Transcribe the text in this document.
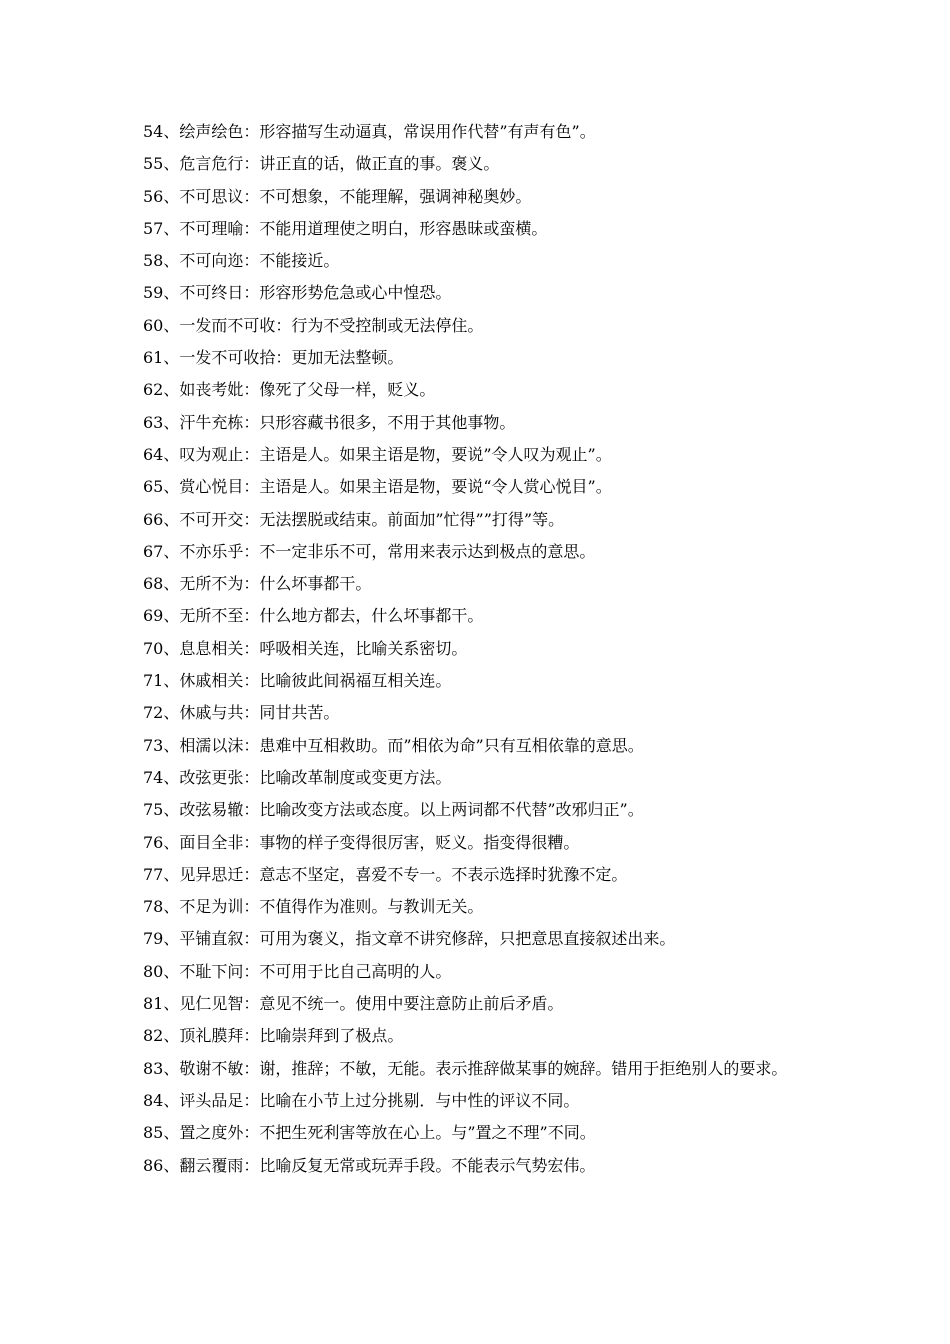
54、绘声绘色：形容描写生动逼真，常误用作代替”有声有色”。

55、危言危行：讲正直的话，做正直的事。褒义。

56、不可思议：不可想象，不能理解，强调神秘奥妙。

57、不可理喻：不能用道理使之明白，形容愚昧或蛮横。

58、不可向迩：不能接近。

59、不可终日：形容形势危急或心中惶恐。

60、一发而不可收：行为不受控制或无法停住。

61、一发不可收拾：更加无法整顿。

62、如丧考妣：像死了父母一样，贬义。

63、汗牛充栋：只形容藏书很多，不用于其他事物。

64、叹为观止：主语是人。如果主语是物，要说”令人叹为观止”。

65、赏心悦目：主语是人。如果主语是物，要说“令人赏心悦目”。

66、不可开交：无法摆脱或结束。前面加”忙得””打得”等。

67、不亦乐乎：不一定非乐不可，常用来表示达到极点的意思。

68、无所不为：什么坏事都干。

69、无所不至：什么地方都去，什么坏事都干。

70、息息相关：呼吸相关连，比喻关系密切。

71、休戚相关：比喻彼此间祸福互相关连。

72、休戚与共：同甘共苦。

73、相濡以沫：患难中互相救助。而”相依为命”只有互相依靠的意思。

74、改弦更张：比喻改革制度或变更方法。

75、改弦易辙：比喻改变方法或态度。以上两词都不代替”改邪归正”。

76、面目全非：事物的样子变得很厉害，贬义。指变得很糟。

77、见异思迁：意志不坚定，喜爱不专一。不表示选择时犹豫不定。

78、不足为训：不值得作为准则。与教训无关。

79、平铺直叙：可用为褒义，指文章不讲究修辞，只把意思直接叙述出来。

80、不耻下问：不可用于比自己高明的人。

81、见仁见智：意见不统一。使用中要注意防止前后矛盾。

82、顶礼膜拜：比喻崇拜到了极点。

83、敬谢不敏：谢，推辞；不敏，无能。表示推辞做某事的婉辞。错用于拒绝别人的要求。

84、评头品足：比喻在小节上过分挑剔．与中性的评议不同。

85、置之度外：不把生死利害等放在心上。与”置之不理”不同。

86、翻云覆雨：比喻反复无常或玩弄手段。不能表示气势宏伟。
